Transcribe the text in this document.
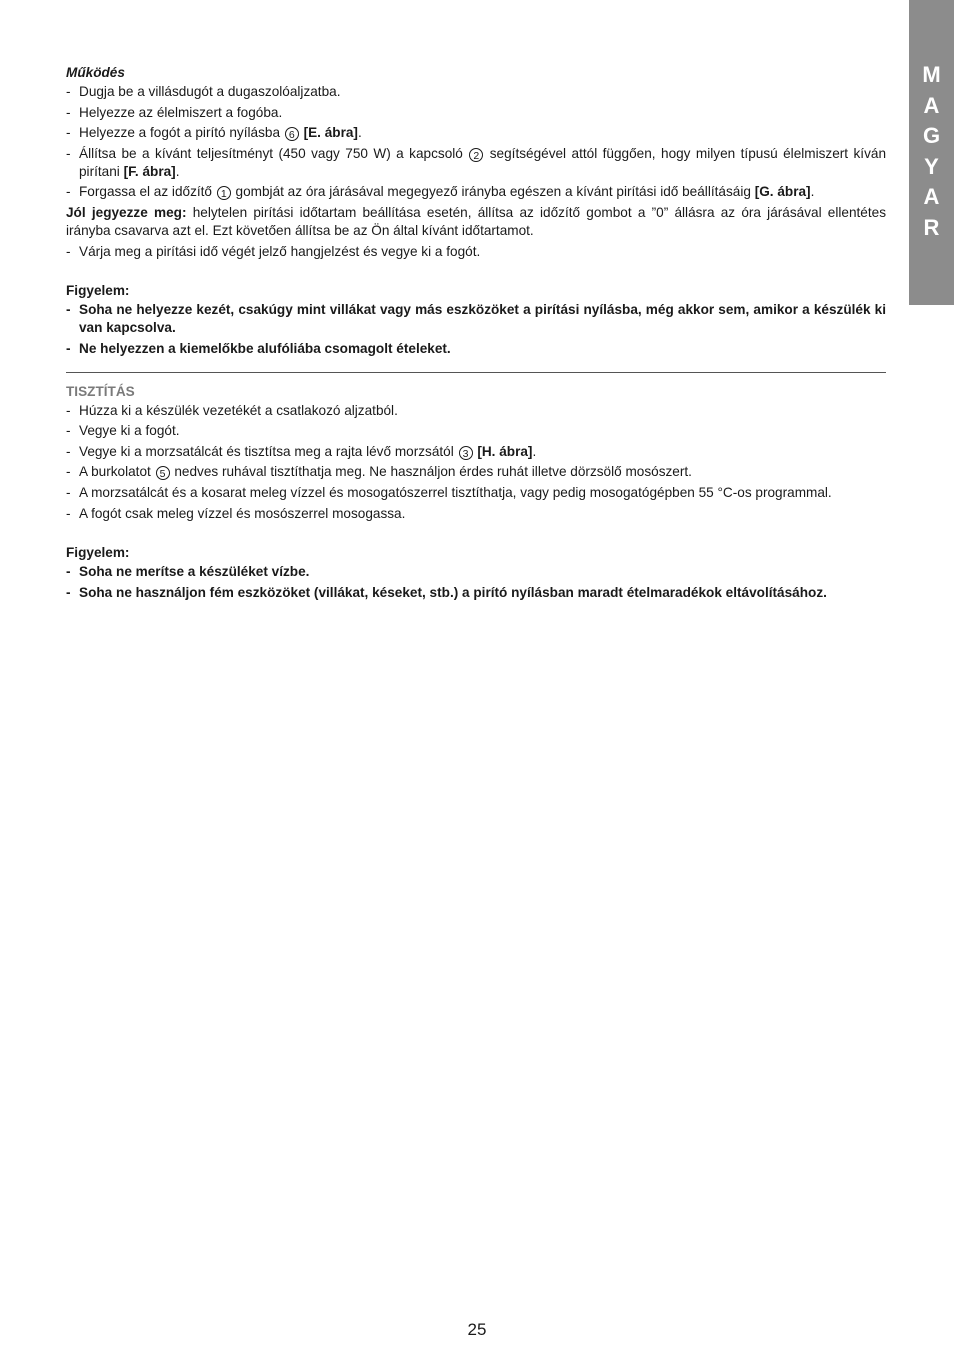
M
A
G
Y
A
R
Működés
- Dugja be a villásdugót a dugaszolóaljzatba.
- Helyezze az élelmiszert a fogóba.
- Helyezze a fogót a pirító nyílásba 6 [E. ábra].
- Állítsa be a kívánt teljesítményt (450 vagy 750 W) a kapcsoló 2 segítségével attól függően, hogy milyen típusú élelmiszert kíván pirítani [F. ábra].
- Forgassa el az időzítő 1 gombját az óra járásával megegyező irányba egészen a kívánt pirítási idő beállításáig [G. ábra].

Jól jegyezze meg: helytelen pirítási időtartam beállítása esetén, állítsa az időzítő gombot a ”0” állásra az óra járásával ellentétes irányba csavarva azt el. Ezt követően állítsa be az Ön által kívánt időtartamot.

- Várja meg a pirítási idő végét jelző hangjelzést és vegye ki a fogót.
Figyelem:
- Soha ne helyezze kezét, csakúgy mint villákat vagy más eszközöket a pirítási nyílásba, még akkor sem, amikor a készülék ki van kapcsolva.
- Ne helyezzen a kiemelőkbe alufóliába csomagolt ételeket.
TISZTÍTÁS
- Húzza ki a készülék vezetékét a csatlakozó aljzatból.
- Vegye ki a fogót.
- Vegye ki a morzsatálcát és tisztítsa meg a rajta lévő morzsától 3 [H. ábra].
- A burkolatot 5 nedves ruhával tisztíthatja meg. Ne használjon érdes ruhát illetve dörzsölő mosószert.
- A morzsatálcát és a kosarat meleg vízzel és mosogatószerrel tisztíthatja, vagy pedig mosogatógépben 55 °C-os programmal.
- A fogót csak meleg vízzel és mosószerrel mosogassa.
Figyelem:
- Soha ne merítse a készüléket vízbe.
- Soha ne használjon fém eszközöket (villákat, késeket, stb.) a pirító nyílásban maradt ételmaradékok eltávolításához.
25
